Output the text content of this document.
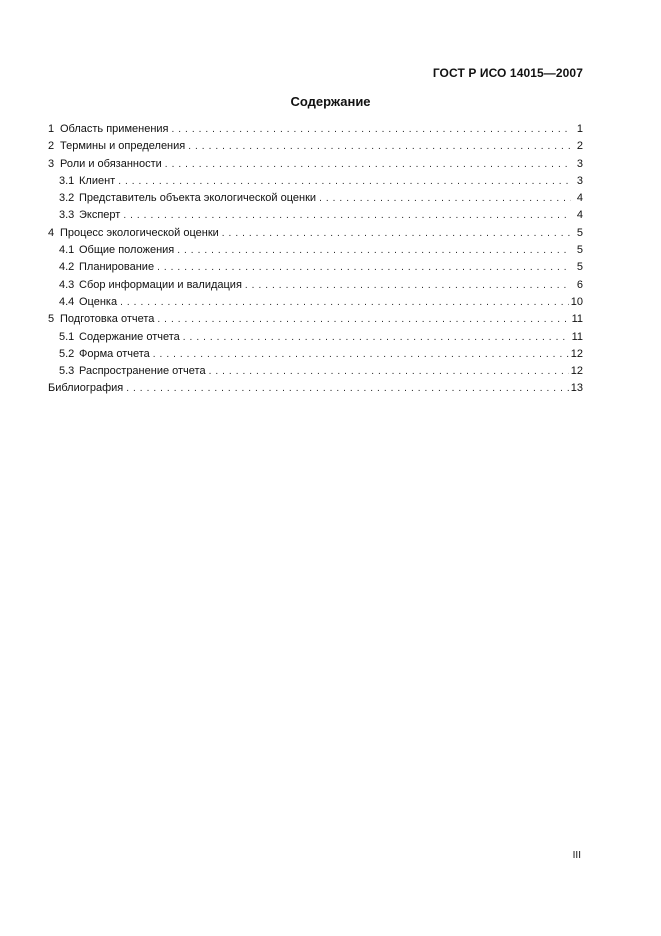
ГОСТ Р ИСО 14015—2007
Содержание
1 Область применения .....	1
2 Термины и определения .....	2
3 Роли и обязанности .....	3
3.1 Клиент .....	3
3.2 Представитель объекта экологической оценки .....	4
3.3 Эксперт .....	4
4 Процесс экологической оценки .....	5
4.1 Общие положения .....	5
4.2 Планирование .....	5
4.3 Сбор информации и валидация .....	6
4.4 Оценка .....	10
5 Подготовка отчета .....	11
5.1 Содержание отчета .....	11
5.2 Форма отчета .....	12
5.3 Распространение отчета .....	12
Библиография .....	13
III
